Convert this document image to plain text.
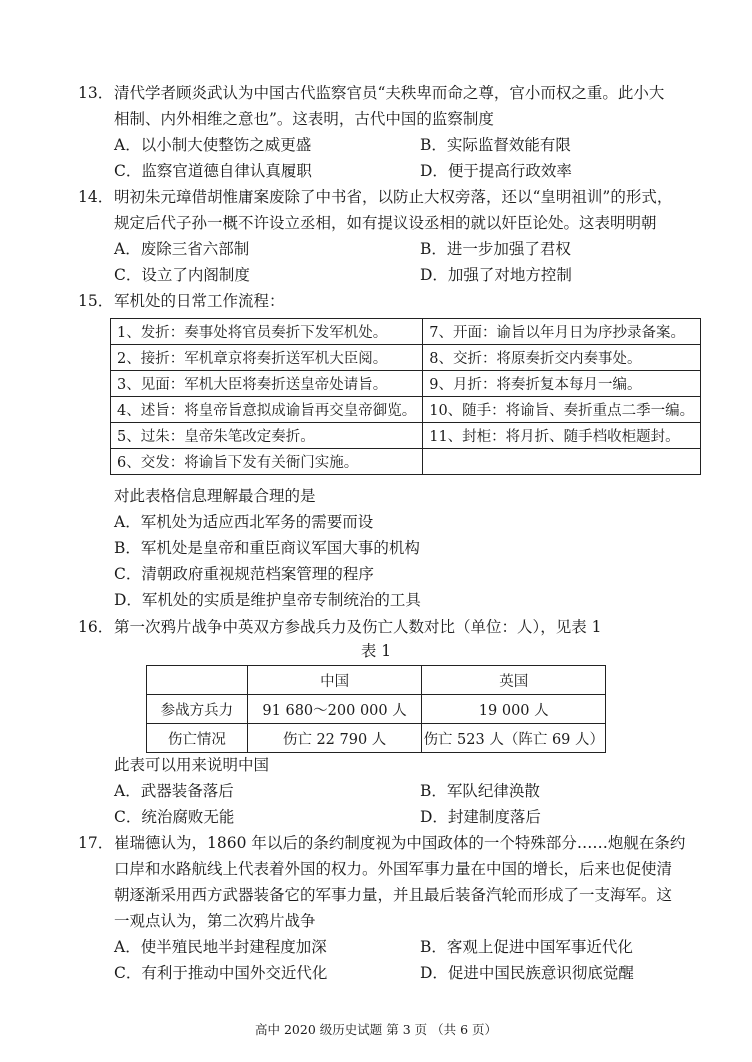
13． 清代学者顾炎武认为中国古代监察官员“夫秩卑而命之尊，官小而权之重。此小大
相制、内外相维之意也”。这表明，古代中国的监察制度
A．以小制大使整饬之威更盛	B．实际监督效能有限
C．监察官道德自律认真履职	D．便于提高行政效率
14． 明初朱元璋借胡惟庸案废除了中书省，以防止大权旁落，还以“皇明祖训”的形式，
规定后代子孙一概不许设立丞相，如有提议设丞相的就以奸臣论处。这表明明朝
A．废除三省六部制	B．进一步加强了君权
C．设立了内阁制度	D．加强了对地方控制
15． 军机处的日常工作流程：
1、发折：奏事处将官员奏折下发军机处。	7、开面：谕旨以年月日为序抄录备案。
2、接折：军机章京将奏折送军机大臣阅。	8、交折：将原奏折交内奏事处。
3、见面：军机大臣将奏折送皇帝处请旨。	9、月折：将奏折复本每月一编。
4、述旨：将皇帝旨意拟成谕旨再交皇帝御览。	10、随手：将谕旨、奏折重点二季一编。
5、过朱：皇帝朱笔改定奏折。	11、封柜：将月折、随手档收柜题封。
6、交发：将谕旨下发有关衙门实施。	
对此表格信息理解最合理的是
A．军机处为适应西北军务的需要而设
B．军机处是皇帝和重臣商议军国大事的机构
C．清朝政府重视规范档案管理的程序
D．军机处的实质是维护皇帝专制统治的工具
16． 第一次鸦片战争中英双方参战兵力及伤亡人数对比（单位：人），见表 1
表 1
	中国	英国
参战方兵力	91 680～200 000 人	19 000 人
伤亡情况	伤亡 22 790 人	伤亡 523 人（阵亡 69 人）
此表可以用来说明中国
A．武器装备落后	B．军队纪律涣散
C．统治腐败无能	D．封建制度落后
17． 崔瑞德认为，1860 年以后的条约制度视为中国政体的一个特殊部分……炮舰在条约
口岸和水路航线上代表着外国的权力。外国军事力量在中国的增长，后来也促使清
朝逐渐采用西方武器装备它的军事力量，并且最后装备汽轮而形成了一支海军。这
一观点认为，第二次鸦片战争
A．使半殖民地半封建程度加深	B．客观上促进中国军事近代化
C．有利于推动中国外交近代化	D．促进中国民族意识彻底觉醒
高中 2020 级历史试题 第 3 页 （共 6 页）
